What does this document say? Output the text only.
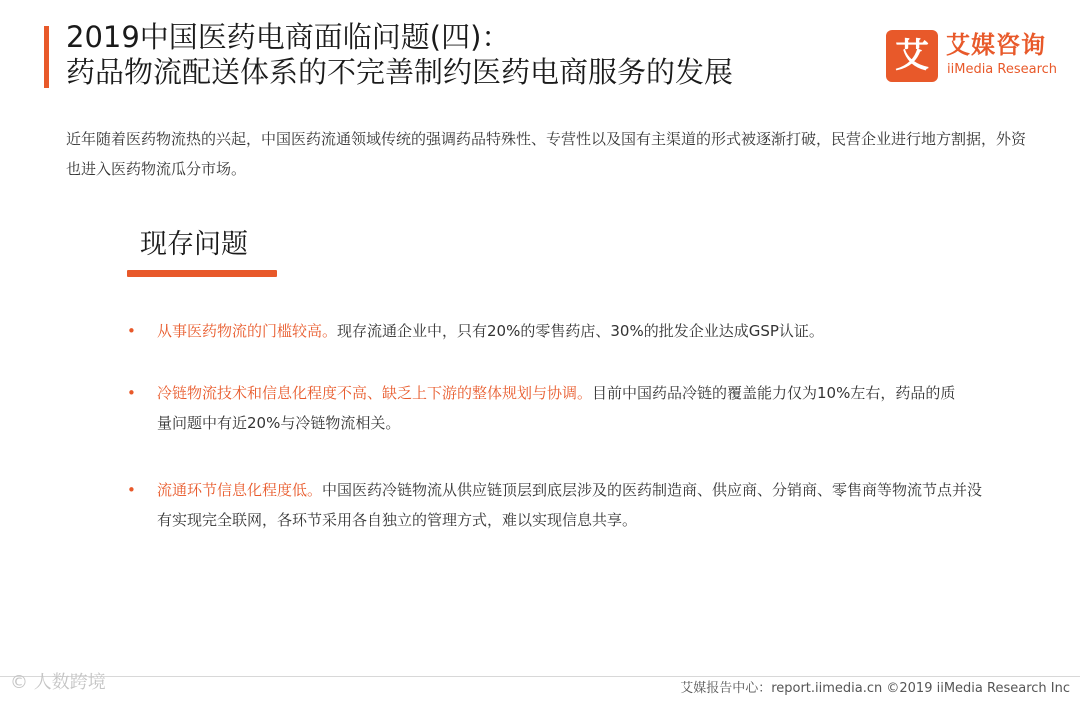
2019中国医药电商面临问题(四)：
药品物流配送体系的不完善制约医药电商服务的发展	艾 艾媒咨询
iiMedia Research

近年随着医药物流热的兴起，中国医药流通领域传统的强调药品特殊性、专营性以及国有主渠道的形式被逐渐打破，民营企业进行地方割据，外资也进入医药物流瓜分市场。

现存问题
• 从事医药物流的门槛较高。现存流通企业中，只有20%的零售药店、30%的批发企业达成GSP认证。
• 冷链物流技术和信息化程度不高、缺乏上下游的整体规划与协调。目前中国药品冷链的覆盖能力仅为10%左右，药品的质量问题中有近20%与冷链物流相关。
• 流通环节信息化程度低。中国医药冷链物流从供应链顶层到底层涉及的医药制造商、供应商、分销商、零售商等物流节点并没有实现完全联网，各环节采用各自独立的管理方式，难以实现信息共享。
© 人数跨境	艾媒报告中心：report.iimedia.cn ©2019 iiMedia Research Inc
